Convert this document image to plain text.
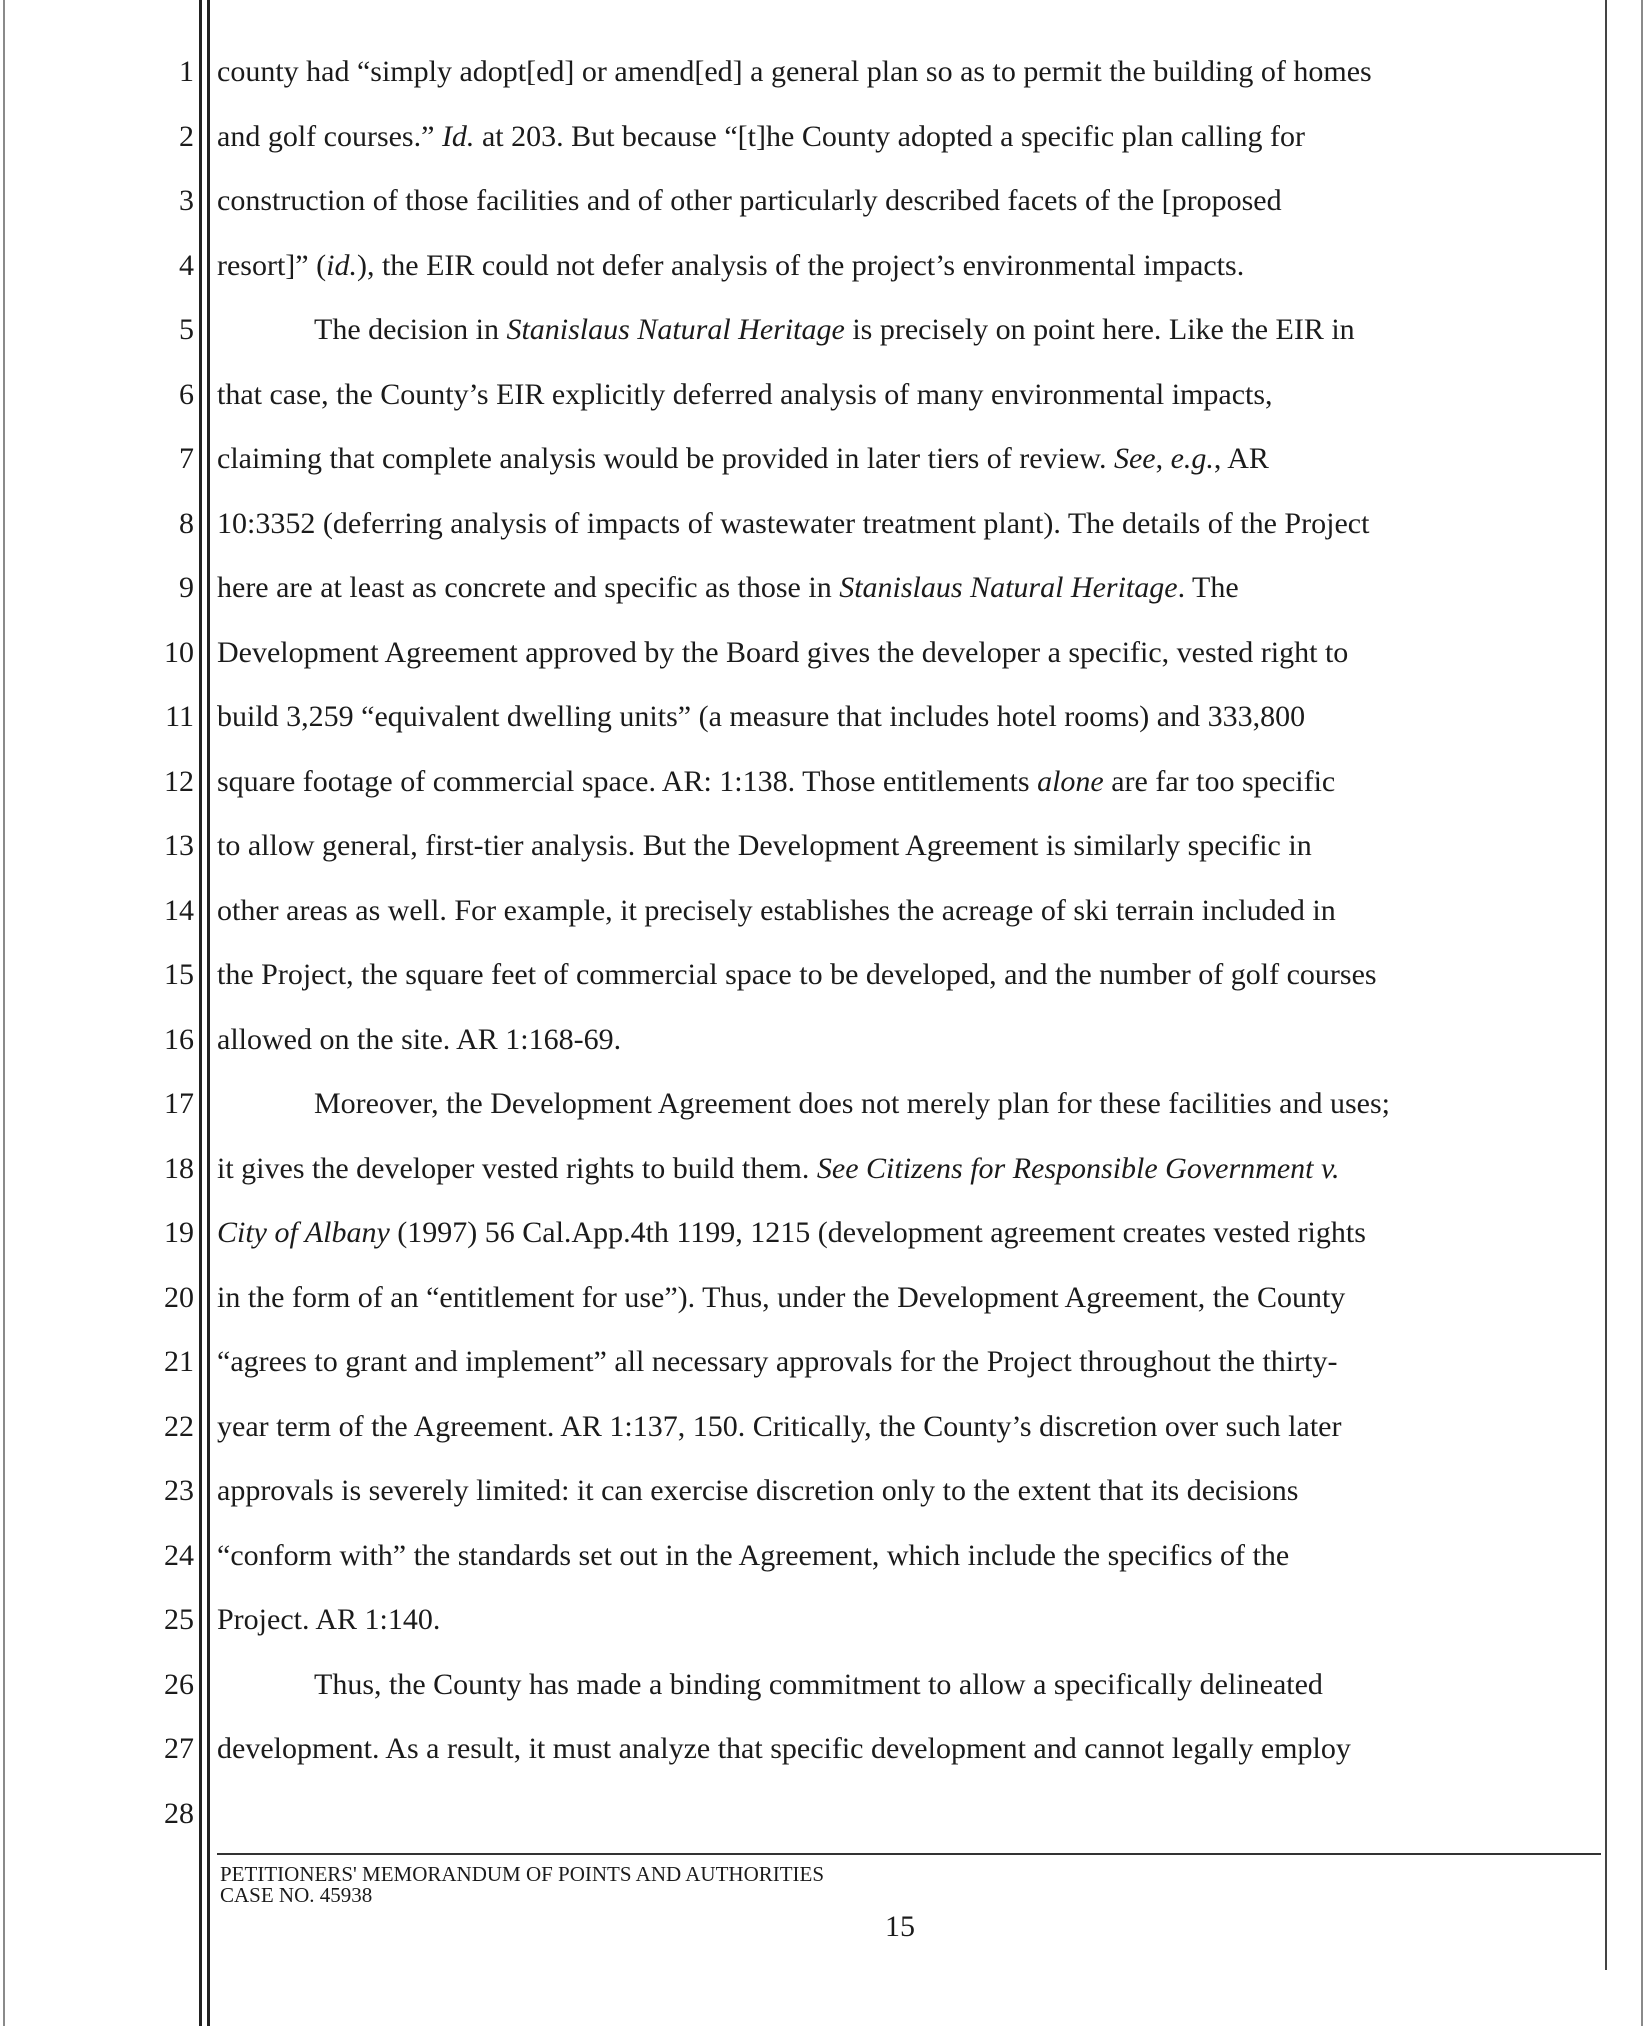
1
2
3
4
5
6
7
8
9
10
11
12
13
14
15
16
17
18
19
20
21
22
23
24
25
26
27
28
county had “simply adopt[ed] or amend[ed] a general plan so as to permit the building of homes
and golf courses.” Id. at 203. But because “[t]he County adopted a specific plan calling for
construction of those facilities and of other particularly described facets of the [proposed
resort]” (id.), the EIR could not defer analysis of the project’s environmental impacts.
The decision in Stanislaus Natural Heritage is precisely on point here. Like the EIR in
that case, the County’s EIR explicitly deferred analysis of many environmental impacts,
claiming that complete analysis would be provided in later tiers of review. See, e.g., AR
10:3352 (deferring analysis of impacts of wastewater treatment plant). The details of the Project
here are at least as concrete and specific as those in Stanislaus Natural Heritage. The
Development Agreement approved by the Board gives the developer a specific, vested right to
build 3,259 “equivalent dwelling units” (a measure that includes hotel rooms) and 333,800
square footage of commercial space. AR: 1:138. Those entitlements alone are far too specific
to allow general, first-tier analysis. But the Development Agreement is similarly specific in
other areas as well. For example, it precisely establishes the acreage of ski terrain included in
the Project, the square feet of commercial space to be developed, and the number of golf courses
allowed on the site. AR 1:168-69.
Moreover, the Development Agreement does not merely plan for these facilities and uses;
it gives the developer vested rights to build them. See Citizens for Responsible Government v.
City of Albany (1997) 56 Cal.App.4th 1199, 1215 (development agreement creates vested rights
in the form of an “entitlement for use”). Thus, under the Development Agreement, the County
“agrees to grant and implement” all necessary approvals for the Project throughout the thirty-
year term of the Agreement. AR 1:137, 150. Critically, the County’s discretion over such later
approvals is severely limited: it can exercise discretion only to the extent that its decisions
“conform with” the standards set out in the Agreement, which include the specifics of the
Project. AR 1:140.
Thus, the County has made a binding commitment to allow a specifically delineated
development. As a result, it must analyze that specific development and cannot legally employ
PETITIONERS' MEMORANDUM OF POINTS AND AUTHORITIES
CASE NO. 45938
15
